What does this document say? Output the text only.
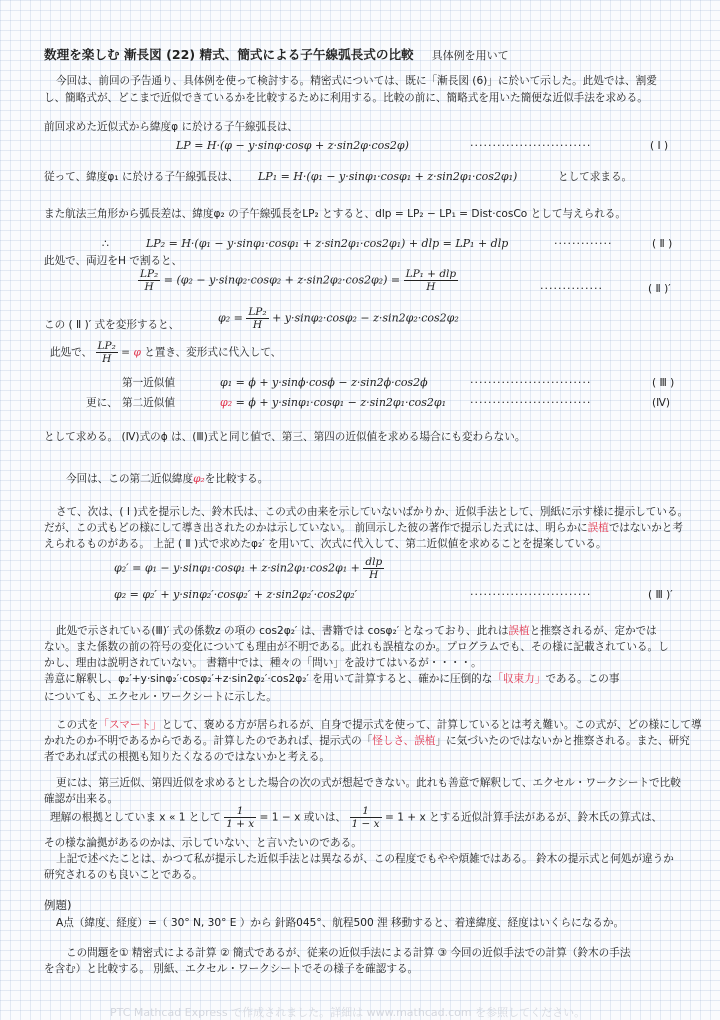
数理を楽しむ 漸長図 (22) 精式、簡式による子午線弧長式の比較 具体例を用いて
今回は、前回の予告通り、具体例を使って検討する。精密式については、既に「漸長図 (6)」に於いて示した。此処では、割愛
し、簡略式が、どこまで近似できているかを比較するために利用する。比較の前に、簡略式を用いた簡便な近似手法を求める。
前回求めた近似式から緯度φ に於ける子午線弧長は、
LP = H·(φ − y·sinφ·cosφ + z·sin2φ·cos2φ)	···························	( Ⅰ )
従って、緯度φ₁ に於ける子午線弧長は、 LP₁ = H·(φ₁ − y·sinφ₁·cosφ₁ + z·sin2φ₁·cos2φ₁)	として求まる。
また航法三角形から弧長差は、緯度φ₂ の子午線弧長をLP₂ とすると、dlp = LP₂ − LP₁ = Dist·cosCo として与えられる。
∴	LP₂ = H·(φ₁ − y·sinφ₁·cosφ₁ + z·sin2φ₁·cos2φ₁) + dlp = LP₁ + dlp	·············	( Ⅱ )
此処で、両辺をH で割ると、
$\frac{\text{LP₂}}{H} = (\varphi_2 - y\cdot\sin\varphi_2\cdot\cos\varphi_2 + z\cdot\sin 2\varphi_2\cdot\cos 2\varphi_2) = \frac{\text{LP₁ + dlp}}{H}$	··············	( Ⅱ )′
この ( Ⅱ )′ 式を変形すると、
$\varphi_2 = \frac{\text{LP₂}}{H} + y\cdot\sin\varphi_2\cdot\cos\varphi_2 - z\cdot\sin 2\varphi_2\cdot\cos 2\varphi_2$
此処で、 $\frac{\text{LP₂}}{H} = \varphi$ と置き、変形式に代入して、
第一近似値	φ₁ = ϕ + y·sinϕ·cosϕ − z·sin2ϕ·cos2ϕ	···························	( Ⅲ )
更に、 第二近似値	φ₂ = ϕ + y·sinφ₁·cosφ₁ − z·sin2φ₁·cos2φ₁ ···························	(Ⅳ)
として求める。 (Ⅳ)式のϕ は、(Ⅲ)式と同じ値で、第三、第四の近似値を求める場合にも変わらない。
今回は、この第二近似緯度φ₂を比較する。
さて、次は、( Ⅰ )式を提示した、鈴木氏は、この式の由来を示していないばかりか、近似手法として、別紙に示す様に提示している。
だが、この式もどの様にして導き出されたのかは示していない。 前回示した彼の著作で提示した式には、明らかに誤植ではないかと考
えられるものがある。 上記 ( Ⅱ )式で求めたφ₂′ を用いて、次式に代入して、第二近似値を求めることを提案している。
$\varphi_2' = \varphi_1 - y\cdot\sin\varphi_1\cdot\cos\varphi_1 + z\cdot\sin 2\varphi_1\cdot\cos 2\varphi_1 + \frac{\text{dlp}}{H}$
φ₂ = φ₂′ + y·sinφ₂′·cosφ₂′ + z·sin2φ₂′·cos2φ₂′	···························	( Ⅲ )′
此処で示されている(Ⅲ)′ 式の係数z の項の cos2φ₂′ は、書籍では cosφ₂′ となっており、此れは誤植と推察されるが、定かでは
ない。また係数の前の符号の変化についても理由が不明である。此れも誤植なのか。プログラムでも、その様に記載されている。し
かし、理由は説明されていない。 書籍中では、種々の「問い」を設けてはいるが・・・・。
善意に解釈し、φ₂′+y·sinφ₂′·cosφ₂′+z·sin2φ₂′·cos2φ₂′ を用いて計算すると、確かに圧倒的な「収束力」である。この事
についても、エクセル・ワークシートに示した。
この式を「スマート」として、褒める方が居られるが、自身で提示式を使って、計算しているとは考え難い。この式が、どの様にして導
かれたのか不明であるからである。計算したのであれば、提示式の「怪しさ、誤植」に気づいたのではないかと推察される。また、研究
者であれば式の根拠も知りたくなるのではないかと考える。
更には、第三近似、第四近似を求めるとした場合の次の式が想起できない。此れも善意で解釈して、エクセル・ワークシートで比較
確認が出来る。
理解の根拠としていま x « 1 として $\frac{1}{1 + x} = 1 - x$ 或いは、 $\frac{1}{1 - x} = 1 + x$ とする近似計算手法があるが、鈴木氏の算式は、
その様な論拠があるのかは、示していない、と言いたいのである。
上記で述べたことは、かつて私が提示した近似手法とは異なるが、この程度でもやや煩雑ではある。 鈴木の提示式と何処が違うか
研究されるのも良いことである。
例題)
A点（緯度、経度）=（ 30° N, 30° E ）から 針路045°、航程500 浬 移動すると、着達緯度、経度はいくらになるか。
この問題を① 精密式による計算 ② 簡式であるが、従来の近似手法による計算 ③ 今回の近似手法での計算（鈴木の手法
を含む）と比較する。 別紙、エクセル・ワークシートでその様子を確認する。
PTC Mathcad Express で作成されました。詳細は www.mathcad.com を参照してください。
